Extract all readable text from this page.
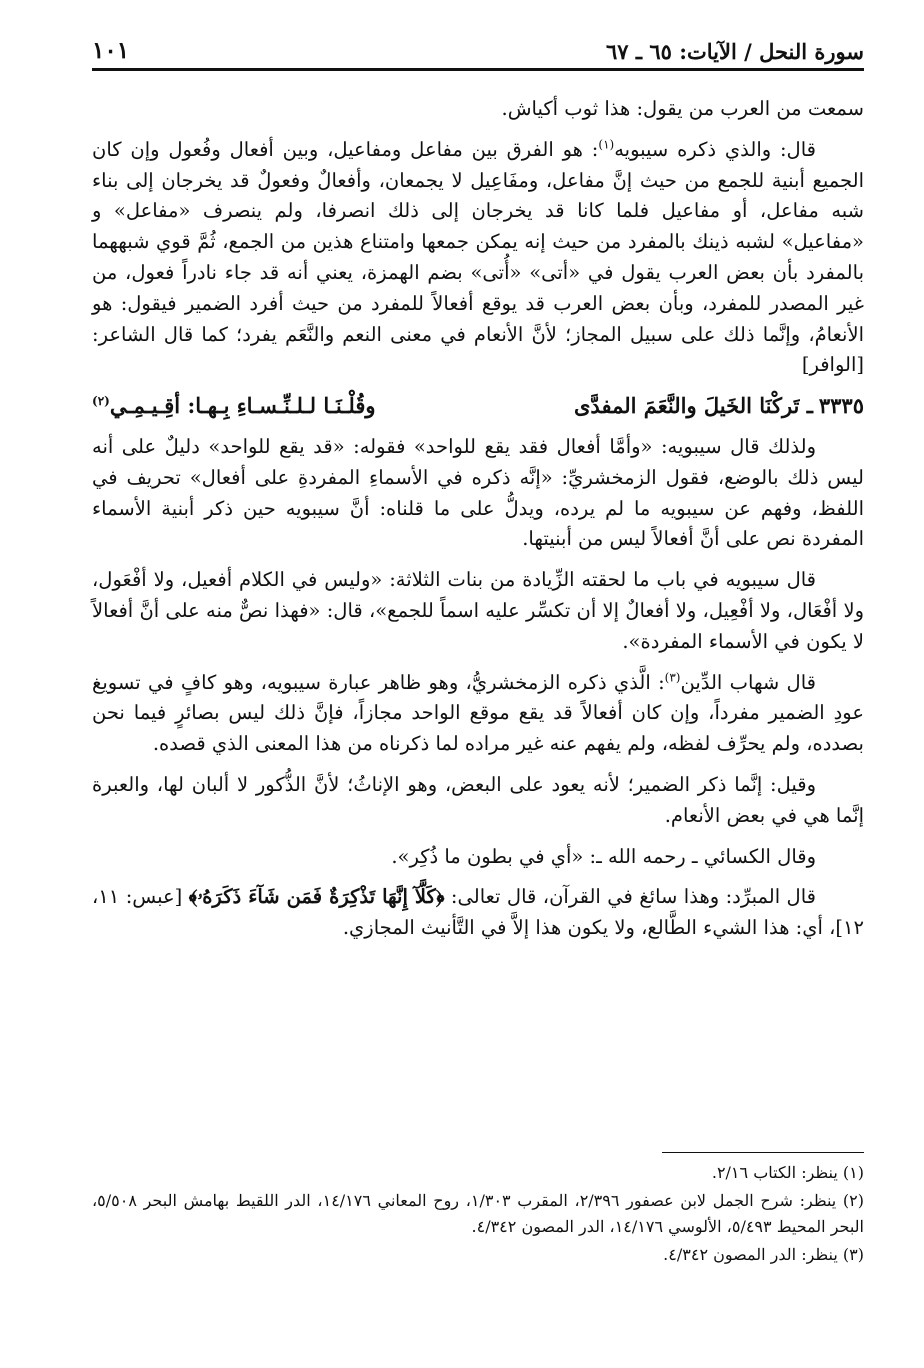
سورة النحل / الآيات: ٦٥ ـ ٦٧
١٠١

سمعت من العرب من يقول: هذا ثوب أكياش.

قال: والذي ذكره سيبويه$^{(١)}$: هو الفرق بين مفاعل ومفاعيل، وبين أفعال وفُعول وإن كان الجميع أبنية للجمع من حيث إنَّ مفاعل، ومفَاعِيل لا يجمعان، وأفعالٌ وفعولٌ قد يخرجان إلى بناء شبه مفاعل، أو مفاعيل فلما كانا قد يخرجان إلى ذلك انصرفا، ولم ينصرف «مفاعل» و «مفاعيل» لشبه ذينك بالمفرد من حيث إنه يمكن جمعها وامتناع هذين من الجمع، ثُمَّ قوي شبههما بالمفرد بأن بعض العرب يقول في «أتى» «أُتى» بضم الهمزة، يعني أنه قد جاء نادراً فعول، من غير المصدر للمفرد، وبأن بعض العرب قد يوقع أفعالاً للمفرد من حيث أفرد الضمير فيقول: هو الأنعامُ، وإنَّما ذلك على سبيل المجاز؛ لأنَّ الأنعام في معنى النعم والنَّعَم يفرد؛ كما قال الشاعر: [الوافر]

٣٣٣٥ـ تَركْنَا الخَيلَ والنَّعَمَ المفدَّى
وقُلْـنَـا لـلـنِّـسـاءِ بِـهـا: أقِـيـمِـي$^{(٢)}$

ولذلك قال سيبويه: «وأمَّا أفعال فقد يقع للواحد» فقوله: «قد يقع للواحد» دليلٌ على أنه ليس ذلك بالوضع، فقول الزمخشريِّ: «إنَّه ذكره في الأسماءِ المفردةِ على أفعال» تحريف في اللفظ، وفهم عن سيبويه ما لم يرده، ويدلُّ على ما قلناه: أنَّ سيبويه حين ذكر أبنية الأسماء المفردة نص على أنَّ أفعالاً ليس من أبنيتها.

قال سيبويه في باب ما لحقته الزِّيادة من بنات الثلاثة: «وليس في الكلام أفعيل، ولا أفْعَول، ولا أفْعَال، ولا أفْعِيل، ولا أفعالٌ إلا أن تكسِّر عليه اسماً للجمع»، قال: «فهذا نصٌّ منه على أنَّ أفعالاً لا يكون في الأسماء المفردة».

قال شهاب الدِّين$^{(٣)}$: الَّذي ذكره الزمخشريُّ، وهو ظاهر عبارة سيبويه، وهو كافٍ في تسويغ عودِ الضمير مفرداً، وإن كان أفعالاً قد يقع موقع الواحد مجازاً، فإنَّ ذلك ليس بصائرٍ فيما نحن بصدده، ولم يحرِّف لفظه، ولم يفهم عنه غير مراده لما ذكرناه من هذا المعنى الذي قصده.

وقيل: إنَّما ذكر الضمير؛ لأنه يعود على البعض، وهو الإناثُ؛ لأنَّ الذُّكور لا ألبان لها، والعبرة إنَّما هي في بعض الأنعام.

وقال الكسائي ـ رحمه الله ـ: «أي في بطون ما ذُكِر».

قال المبرِّد: وهذا سائغ في القرآن، قال تعالى: ﴿كَلَّآ إِنَّهَا تَذْكِرَةٌ فَمَن شَآءَ ذَكَرَهُۥ﴾ [عبس: ١١، ١٢]، أي: هذا الشيء الطَّالع، ولا يكون هذا إلاَّ في التَّأنيث المجازي.

(١) ينظر: الكتاب ٢/١٦.

(٢) ينظر: شرح الجمل لابن عصفور ٢/٣٩٦، المقرب ١/٣٠٣، روح المعاني ١٤/١٧٦، الدر اللقيط بهامش البحر ٥/٥٠٨، البحر المحيط ٥/٤٩٣، الألوسي ١٤/١٧٦، الدر المصون ٤/٣٤٢.

(٣) ينظر: الدر المصون ٤/٣٤٢.
